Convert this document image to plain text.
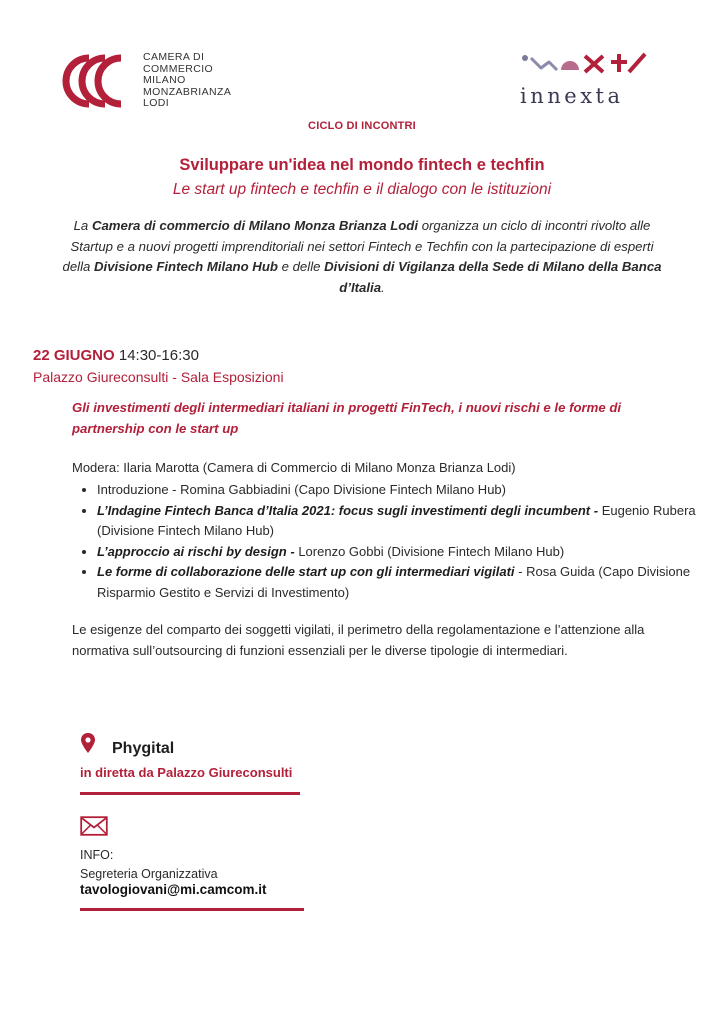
CAMERA DI
COMMERCIO
MILANO
MONZABRIANZA
LODI	innexta
CICLO DI INCONTRI
Sviluppare un'idea nel mondo fintech e techfin
Le start up fintech e techfin e il dialogo con le istituzioni
La Camera di commercio di Milano Monza Brianza Lodi organizza un ciclo di incontri rivolto alle Startup e a nuovi progetti imprenditoriali nei settori Fintech e Techfin con la partecipazione di esperti della Divisione Fintech Milano Hub e delle Divisioni di Vigilanza della Sede di Milano della Banca d’Italia.
22 GIUGNO 14:30-16:30
Palazzo Giureconsulti - Sala Esposizioni
Gli investimenti degli intermediari italiani in progetti FinTech, i nuovi rischi e le forme di partnership con le start up
Modera: Ilaria Marotta (Camera di Commercio di Milano Monza Brianza Lodi)
• Introduzione - Romina Gabbiadini (Capo Divisione Fintech Milano Hub)
• L’Indagine Fintech Banca d’Italia 2021: focus sugli investimenti degli incumbent - Eugenio Rubera (Divisione Fintech Milano Hub)
• L’approccio ai rischi by design - Lorenzo Gobbi (Divisione Fintech Milano Hub)
• Le forme di collaborazione delle start up con gli intermediari vigilati - Rosa Guida (Capo Divisione Risparmio Gestito e Servizi di Investimento)
Le esigenze del comparto dei soggetti vigilati, il perimetro della regolamentazione e l’attenzione alla normativa sull’outsourcing di funzioni essenziali per le diverse tipologie di intermediari.
Phygital
in diretta da Palazzo Giureconsulti
INFO:
Segreteria Organizzativa
tavologiovani@mi.camcom.it
